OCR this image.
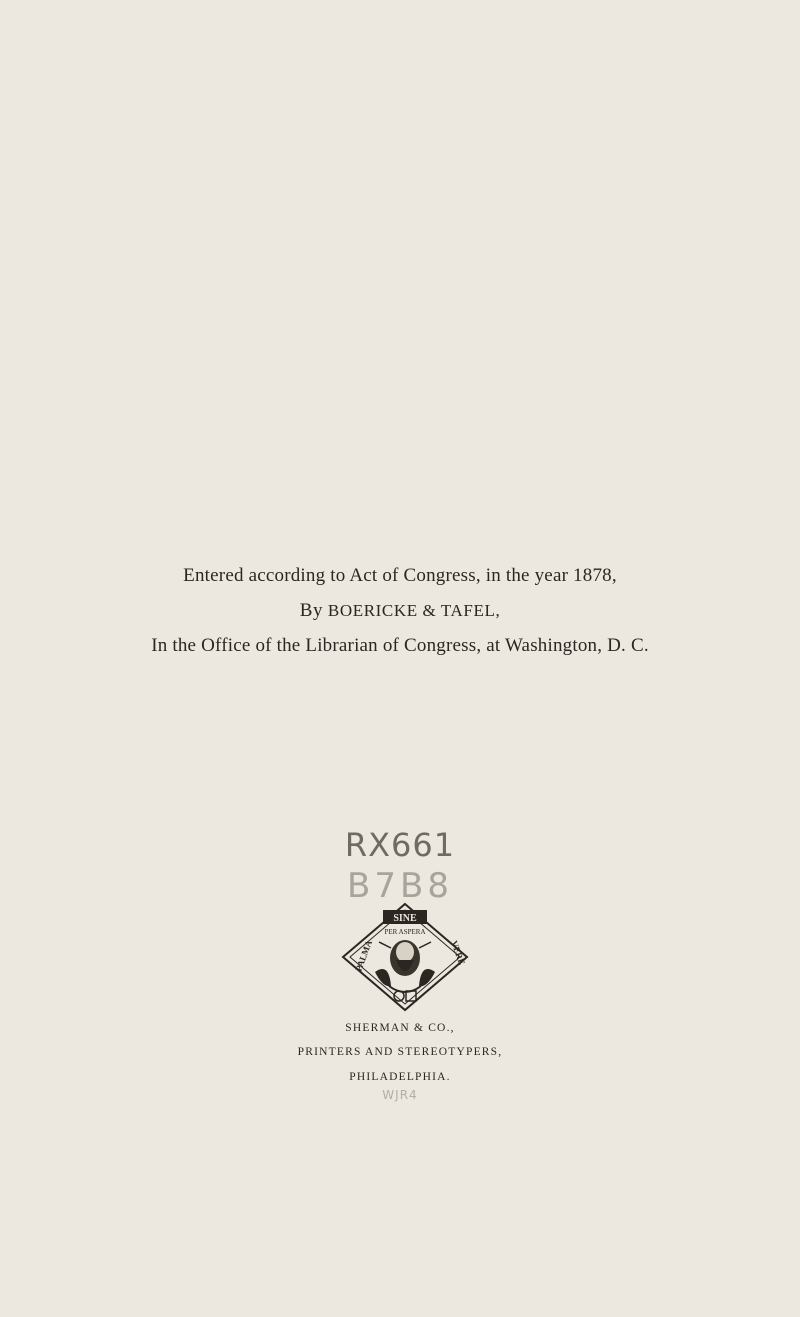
Entered according to Act of Congress, in the year 1878,
By BOERICKE & TAFEL,
In the Office of the Librarian of Congress, at Washington, D. C.
RX661
B7B8
SINE
PALMA	VERE
PER ASPERA
SHERMAN & CO.,
PRINTERS AND STEREOTYPERS,
PHILADELPHIA.
WJR4
